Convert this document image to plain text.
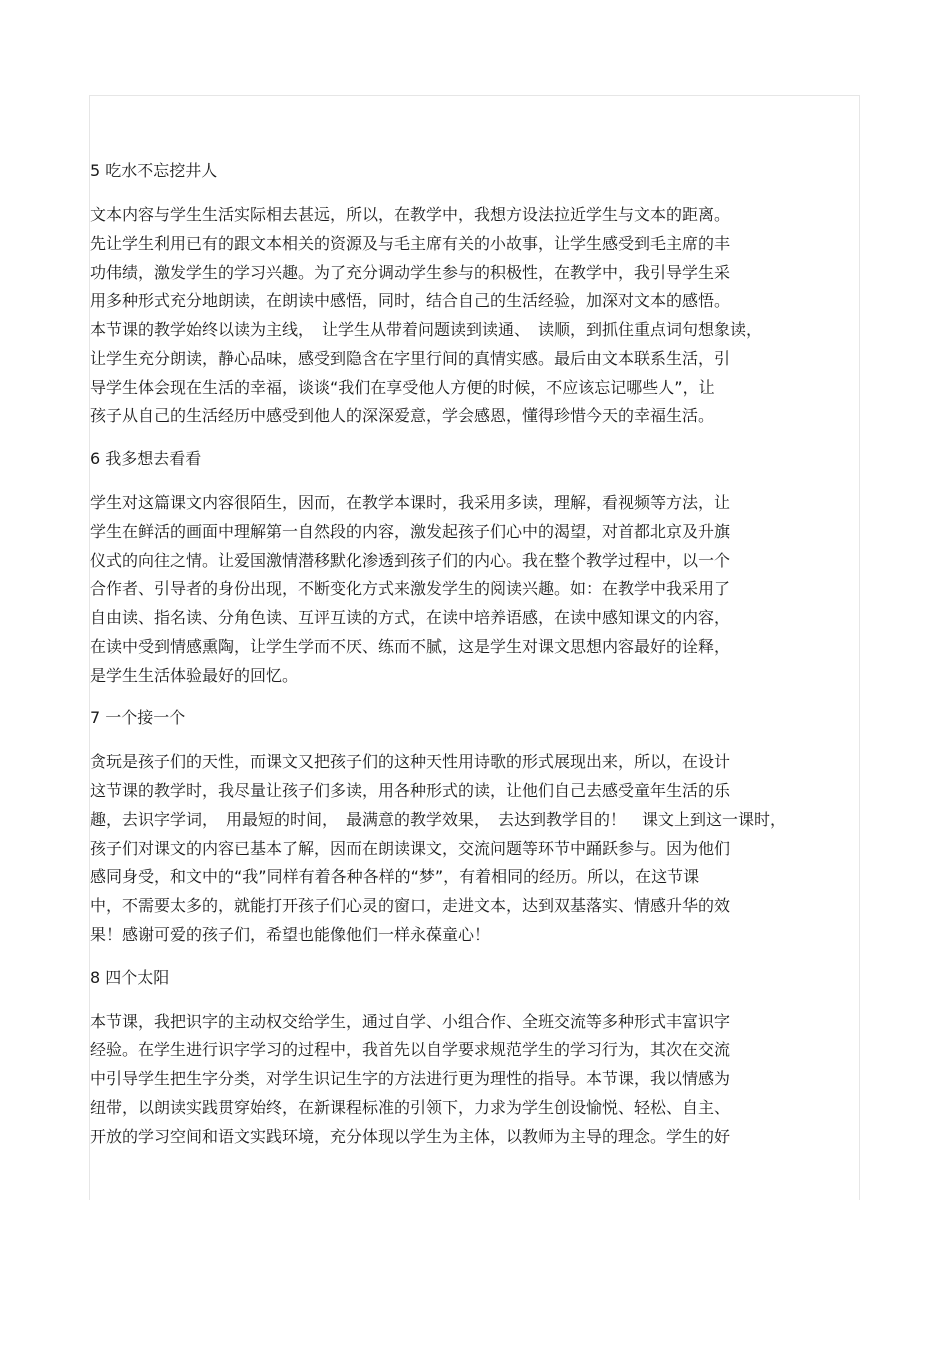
5 吃水不忘挖井人
文本内容与学生生活实际相去甚远，所以，在教学中，我想方设法拉近学生与文本的距离。
先让学生利用已有的跟文本相关的资源及与毛主席有关的小故事，让学生感受到毛主席的丰
功伟绩，激发学生的学习兴趣。为了充分调动学生参与的积极性，在教学中，我引导学生采
用多种形式充分地朗读，在朗读中感悟，同时，结合自己的生活经验，加深对文本的感悟。
本节课的教学始终以读为主线，　让学生从带着问题读到读通、　读顺，到抓住重点词句想象读，
让学生充分朗读，静心品味，感受到隐含在字里行间的真情实感。最后由文本联系生活，引
导学生体会现在生活的幸福，谈谈“我们在享受他人方便的时候，不应该忘记哪些人”，让
孩子从自己的生活经历中感受到他人的深深爱意，学会感恩，懂得珍惜今天的幸福生活。
6 我多想去看看
学生对这篇课文内容很陌生，因而，在教学本课时，我采用多读，理解，看视频等方法，让
学生在鲜活的画面中理解第一自然段的内容，激发起孩子们心中的渴望，对首都北京及升旗
仪式的向往之情。让爱国激情潜移默化渗透到孩子们的内心。我在整个教学过程中，以一个
合作者、引导者的身份出现，不断变化方式来激发学生的阅读兴趣。如：在教学中我采用了
自由读、指名读、分角色读、互评互读的方式，在读中培养语感，在读中感知课文的内容，
在读中受到情感熏陶，让学生学而不厌、练而不腻，这是学生对课文思想内容最好的诠释，
是学生生活体验最好的回忆。
7 一个接一个
贪玩是孩子们的天性，而课文又把孩子们的这种天性用诗歌的形式展现出来，所以，在设计
这节课的教学时，我尽量让孩子们多读，用各种形式的读，让他们自己去感受童年生活的乐
趣，去识字学词，　用最短的时间，　最满意的教学效果，　去达到教学目的！　课文上到这一课时，
孩子们对课文的内容已基本了解，因而在朗读课文，交流问题等环节中踊跃参与。因为他们
感同身受，和文中的“我”同样有着各种各样的“梦”，有着相同的经历。所以，在这节课
中，不需要太多的，就能打开孩子们心灵的窗口，走进文本，达到双基落实、情感升华的效
果！感谢可爱的孩子们，希望也能像他们一样永葆童心！
8 四个太阳
本节课，我把识字的主动权交给学生，通过自学、小组合作、全班交流等多种形式丰富识字
经验。在学生进行识字学习的过程中，我首先以自学要求规范学生的学习行为，其次在交流
中引导学生把生字分类，对学生识记生字的方法进行更为理性的指导。本节课，我以情感为
纽带，以朗读实践贯穿始终，在新课程标准的引领下，力求为学生创设愉悦、轻松、自主、
开放的学习空间和语文实践环境，充分体现以学生为主体，以教师为主导的理念。学生的好
